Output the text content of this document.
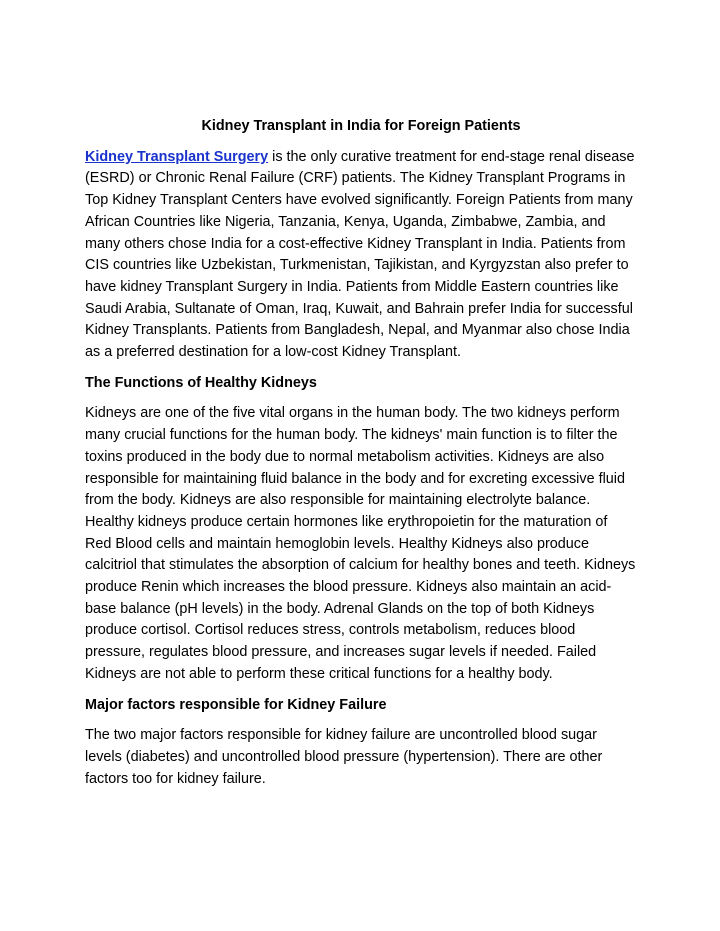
Kidney Transplant in India for Foreign Patients

Kidney Transplant Surgery is the only curative treatment for end-stage renal disease (ESRD) or Chronic Renal Failure (CRF) patients. The Kidney Transplant Programs in Top Kidney Transplant Centers have evolved significantly. Foreign Patients from many African Countries like Nigeria, Tanzania, Kenya, Uganda, Zimbabwe, Zambia, and many others chose India for a cost-effective Kidney Transplant in India. Patients from CIS countries like Uzbekistan, Turkmenistan, Tajikistan, and Kyrgyzstan also prefer to have kidney Transplant Surgery in India. Patients from Middle Eastern countries like Saudi Arabia, Sultanate of Oman, Iraq, Kuwait, and Bahrain prefer India for successful Kidney Transplants. Patients from Bangladesh, Nepal, and Myanmar also chose India as a preferred destination for a low-cost Kidney Transplant.

The Functions of Healthy Kidneys

Kidneys are one of the five vital organs in the human body. The two kidneys perform many crucial functions for the human body. The kidneys' main function is to filter the toxins produced in the body due to normal metabolism activities. Kidneys are also responsible for maintaining fluid balance in the body and for excreting excessive fluid from the body. Kidneys are also responsible for maintaining electrolyte balance. Healthy kidneys produce certain hormones like erythropoietin for the maturation of Red Blood cells and maintain hemoglobin levels. Healthy Kidneys also produce calcitriol that stimulates the absorption of calcium for healthy bones and teeth. Kidneys produce Renin which increases the blood pressure. Kidneys also maintain an acid-base balance (pH levels) in the body. Adrenal Glands on the top of both Kidneys produce cortisol. Cortisol reduces stress, controls metabolism, reduces blood pressure, regulates blood pressure, and increases sugar levels if needed. Failed Kidneys are not able to perform these critical functions for a healthy body.

Major factors responsible for Kidney Failure

The two major factors responsible for kidney failure are uncontrolled blood sugar levels (diabetes) and uncontrolled blood pressure (hypertension). There are other factors too for kidney failure.
